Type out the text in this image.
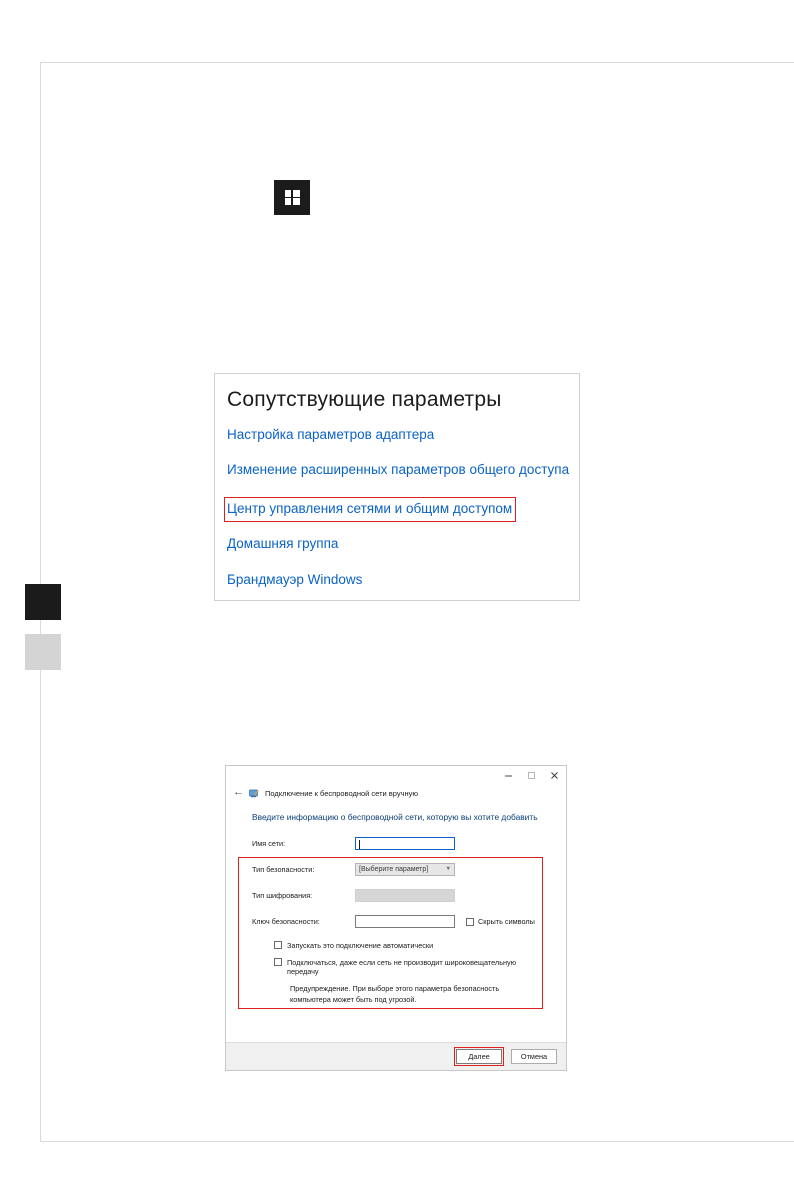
Сопутствующие параметры
Настройка параметров адаптера
Изменение расширенных параметров общего доступа
Центр управления сетями и общим доступом
Домашняя группа
Брандмауэр Windows
←	Подключение к беспроводной сети вручную
Введите информацию о беспроводной сети, которую вы хотите добавить
Имя сети:
Тип безопасности:	[Выберите параметр]	▼
Тип шифрования:
Ключ безопасности:	Скрыть символы
Запускать это подключение автоматически
Подключаться, даже если сеть не производит широковещательную передачу
Предупреждение. При выборе этого параметра безопасность компьютера может быть под угрозой.
Далее	Отмена
